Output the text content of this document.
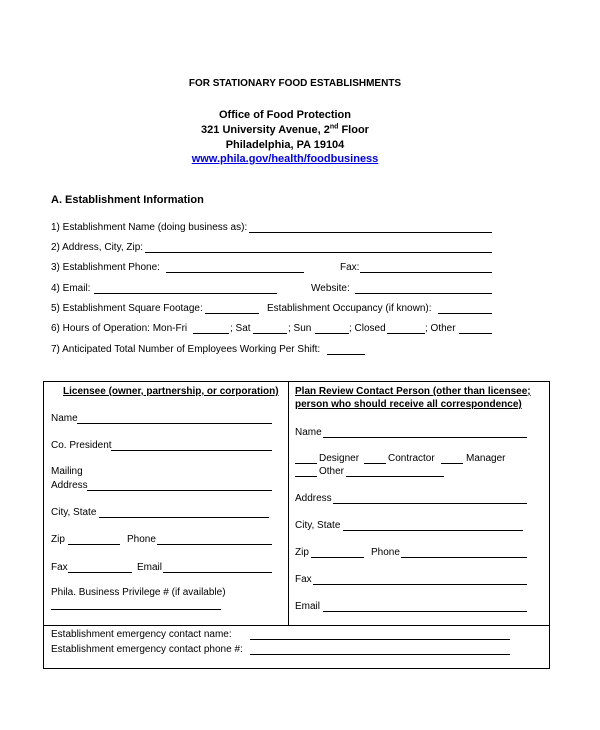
FOR STATIONARY FOOD ESTABLISHMENTS
Office of Food Protection
321 University Avenue, 2nd Floor
Philadelphia, PA 19104
www.phila.gov/health/foodbusiness
A. Establishment Information
1) Establishment Name (doing business as):
2) Address, City, Zip:
3) Establishment Phone:	Fax:
4) Email:	Website:
5) Establishment Square Footage:	Establishment Occupancy (if known):
6) Hours of Operation: Mon-Fri	; Sat	; Sun	; Closed	; Other
7) Anticipated Total Number of Employees Working Per Shift:
Licensee (owner, partnership, or corporation)
Name
Co. President
Mailing
Address
City, State
Zip	Phone
Fax	Email
Phila. Business Privilege # (if available)
Plan Review Contact Person (other than licensee;
person who should receive all correspondence)
Name
Designer	Contractor	Manager
Other
Address
City, State
Zip	Phone
Fax
Email
Establishment emergency contact name:
Establishment emergency contact phone #:
